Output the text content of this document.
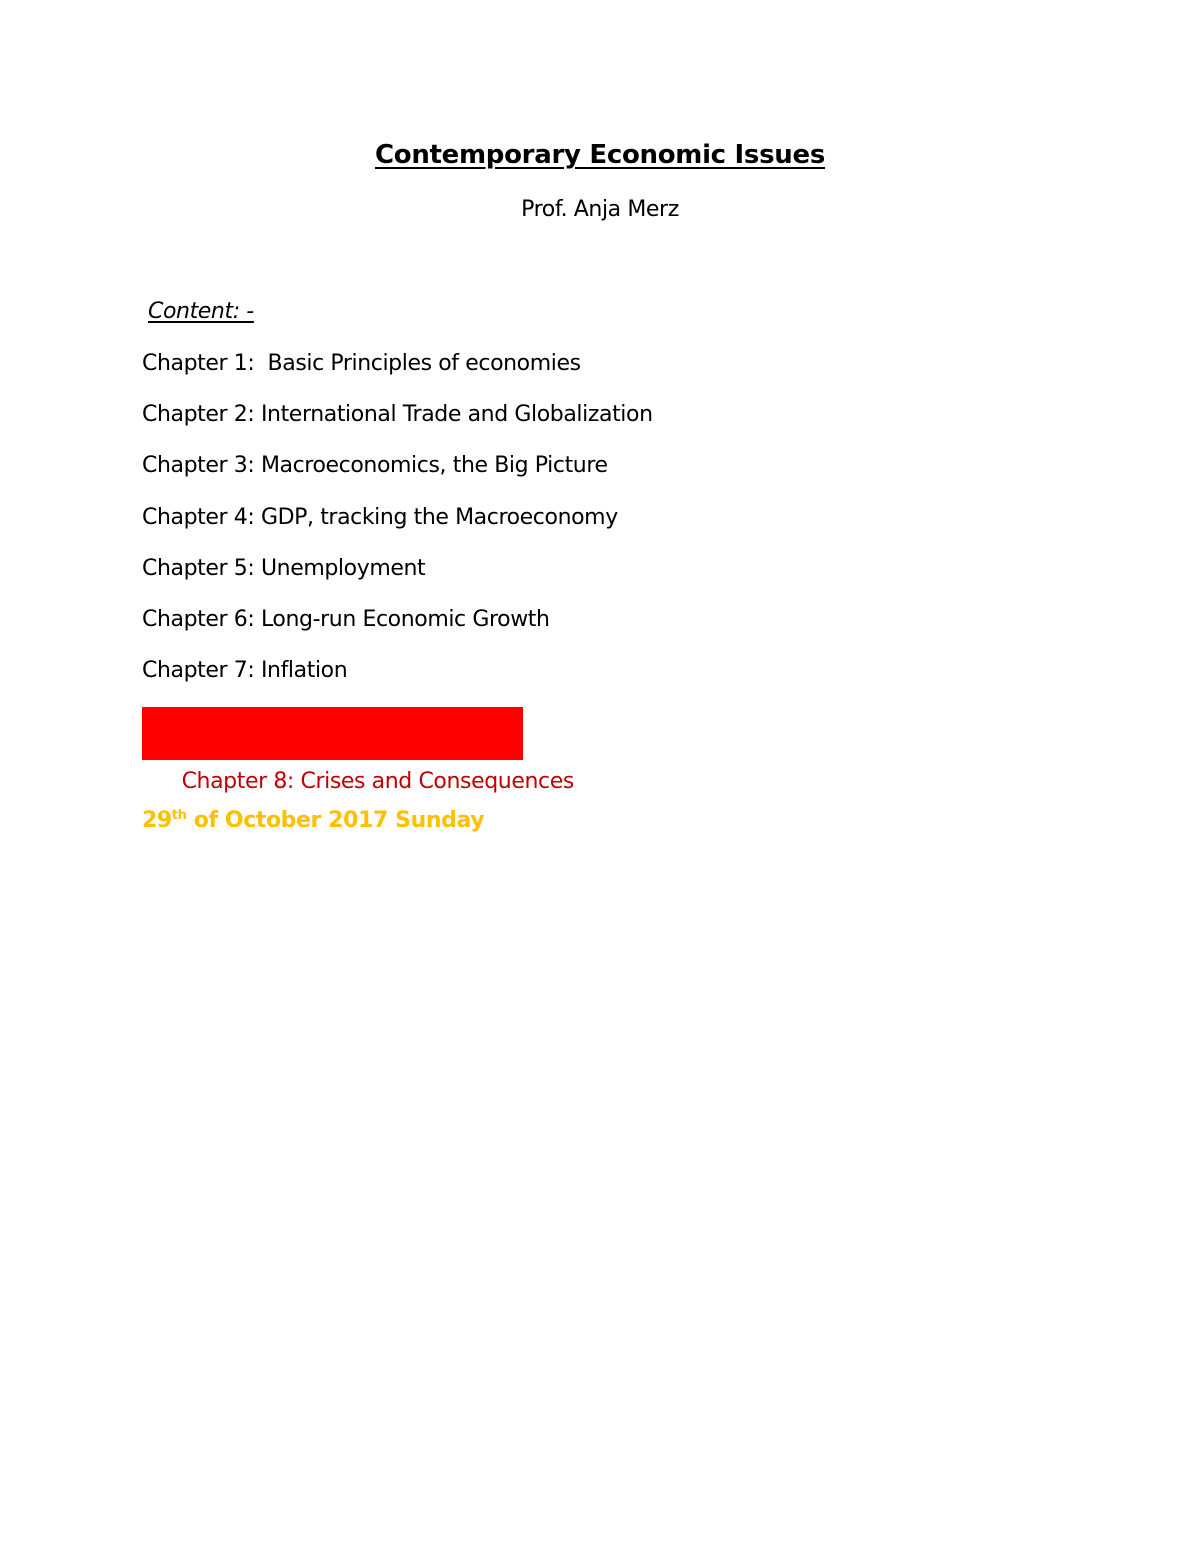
Contemporary Economic Issues
Prof. Anja Merz
Content: -
Chapter 1:  Basic Principles of economies
Chapter 2: International Trade and Globalization
Chapter 3: Macroeconomics, the Big Picture
Chapter 4: GDP, tracking the Macroeconomy
Chapter 5: Unemployment
Chapter 6: Long-run Economic Growth
Chapter 7: Inflation

Chapter 8: Crises and Consequences

29th of October 2017 Sunday
